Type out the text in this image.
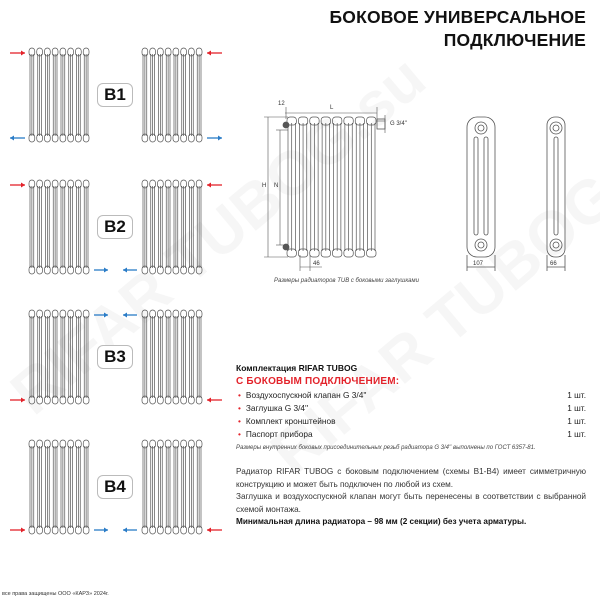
БОКОВОЕ УНИВЕРСАЛЬНОЕ
ПОДКЛЮЧЕНИЕ
B1
B2
B3
B4
12
L
H N
46
G 3/4''
107	66
Размеры радиаторов TUB с боковыми заглушками
Комплектация RIFAR TUBOG
С БОКОВЫМ ПОДКЛЮЧЕНИЕМ:
• Воздухоспускной клапан G 3/4''	1 шт.
• Заглушка G 3/4''	1 шт.
• Комплект кронштейнов	1 шт.
• Паспорт прибора	1 шт.
Размеры внутренних боковых присоединительных резьб радиатора G 3/4'' выполнены по ГОСТ 6357-81.
Радиатор RIFAR TUBOG с боковым подключением (схемы B1-B4) имеет симметричную конструкцию и может быть подключен по любой из схем.
Заглушка и воздухоспускной клапан могут быть перенесены в соответствии с выбранной схемой монтажа.
Минимальная длина радиатора – 98 мм (2 секции) без учета арматуры.
все права защищены ООО «КАРЗ» 2024г.
